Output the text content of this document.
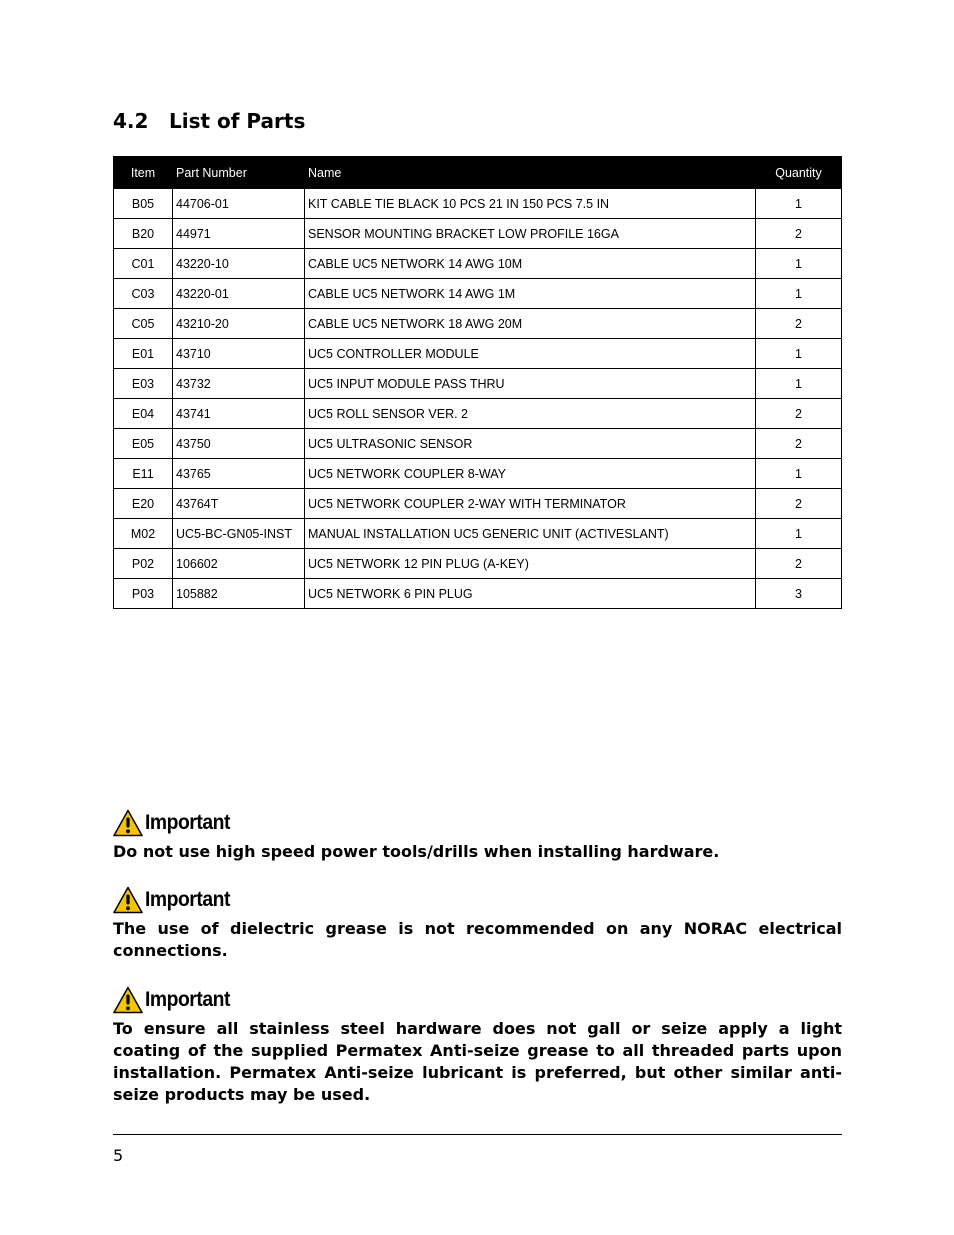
4.2	List of Parts
Item	Part Number	Name	Quantity
B05	44706-01	KIT CABLE TIE BLACK 10 PCS 21 IN 150 PCS 7.5 IN	1
B20	44971	SENSOR MOUNTING BRACKET LOW PROFILE 16GA	2
C01	43220-10	CABLE UC5 NETWORK 14 AWG 10M	1
C03	43220-01	CABLE UC5 NETWORK 14 AWG 1M	1
C05	43210-20	CABLE UC5 NETWORK 18 AWG 20M	2
E01	43710	UC5 CONTROLLER MODULE	1
E03	43732	UC5 INPUT MODULE PASS THRU	1
E04	43741	UC5 ROLL SENSOR VER. 2	2
E05	43750	UC5 ULTRASONIC SENSOR	2
E11	43765	UC5 NETWORK COUPLER 8-WAY	1
E20	43764T	UC5 NETWORK COUPLER 2-WAY WITH TERMINATOR	2
M02	UC5-BC-GN05-INST	MANUAL INSTALLATION UC5 GENERIC UNIT (ACTIVESLANT)	1
P02	106602	UC5 NETWORK 12 PIN PLUG (A-KEY)	2
P03	105882	UC5 NETWORK 6 PIN PLUG	3
Important
Do not use high speed power tools/drills when installing hardware.
Important
The use of dielectric grease is not recommended on any NORAC electrical connections.
Important
To ensure all stainless steel hardware does not gall or seize apply a light coating of the supplied Permatex Anti-seize grease to all threaded parts upon installation. Permatex Anti-seize lubricant is preferred, but other similar anti-seize products may be used.
5
